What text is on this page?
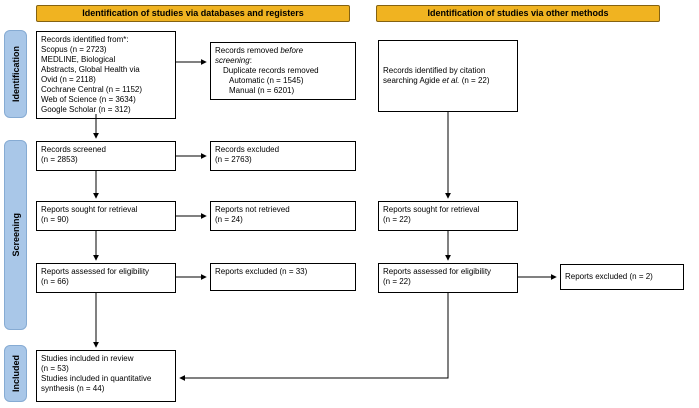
Identification of studies via databases and registers	Identification of studies via other methods
Identification
Screening
Included
Records identified from*:
Scopus (n = 2723)
MEDLINE, Biological
Abstracts, Global Health via
Ovid (n = 2118)
Cochrane Central (n = 1152)
Web of Science (n = 3634)
Google Scholar (n = 312)
Records removed before
screening:
Duplicate records removed
Automatic (n = 1545)
Manual (n = 6201)
Records screened
(n = 2853)
Records excluded
(n = 2763)
Reports sought for retrieval
(n = 90)
Reports not retrieved
(n = 24)
Reports assessed for eligibility
(n = 66)
Reports excluded (n = 33)
Studies included in review
(n = 53)
Studies included in quantitative
synthesis (n = 44)
Records identified by citation
searching Agide et al. (n = 22)
Reports sought for retrieval
(n = 22)
Reports assessed for eligibility
(n = 22)
Reports excluded (n = 2)
